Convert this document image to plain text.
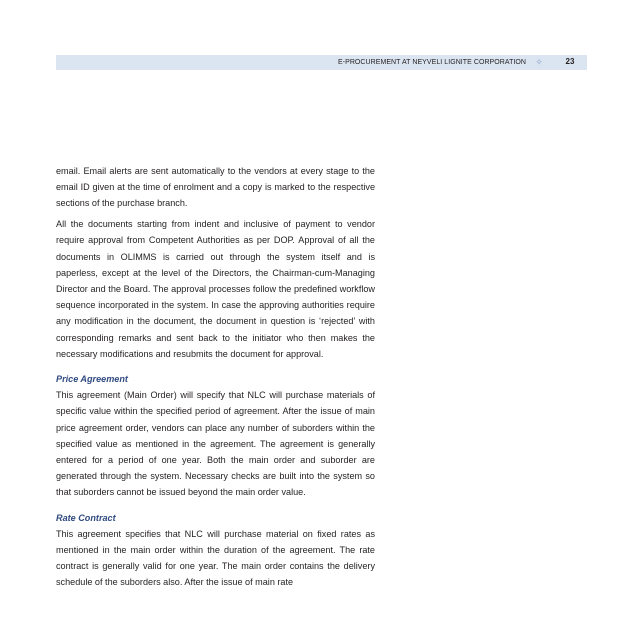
E-PROCUREMENT AT NEYVELI LIGNITE CORPORATION ✧	23

email. Email alerts are sent automatically to the vendors at every stage to the email ID given at the time of enrolment and a copy is marked to the respective sections of the purchase branch.

All the documents starting from indent and inclusive of payment to vendor require approval from Competent Authorities as per DOP. Approval of all the documents in OLIMMS is carried out through the system itself and is paperless, except at the level of the Directors, the Chairman-cum-Managing Director and the Board. The approval processes follow the predefined workflow sequence incorporated in the system. In case the approving authorities require any modification in the document, the document in question is ‘rejected’ with corresponding remarks and sent back to the initiator who then makes the necessary modifications and resubmits the document for approval.

Price Agreement

This agreement (Main Order) will specify that NLC will purchase materials of specific value within the specified period of agreement. After the issue of main price agreement order, vendors can place any number of suborders within the specified value as mentioned in the agreement. The agreement is generally entered for a period of one year. Both the main order and suborder are generated through the system. Necessary checks are built into the system so that suborders cannot be issued beyond the main order value.

Rate Contract

This agreement specifies that NLC will purchase material on fixed rates as mentioned in the main order within the duration of the agreement. The rate contract is generally valid for one year. The main order contains the delivery schedule of the suborders also. After the issue of main rate
